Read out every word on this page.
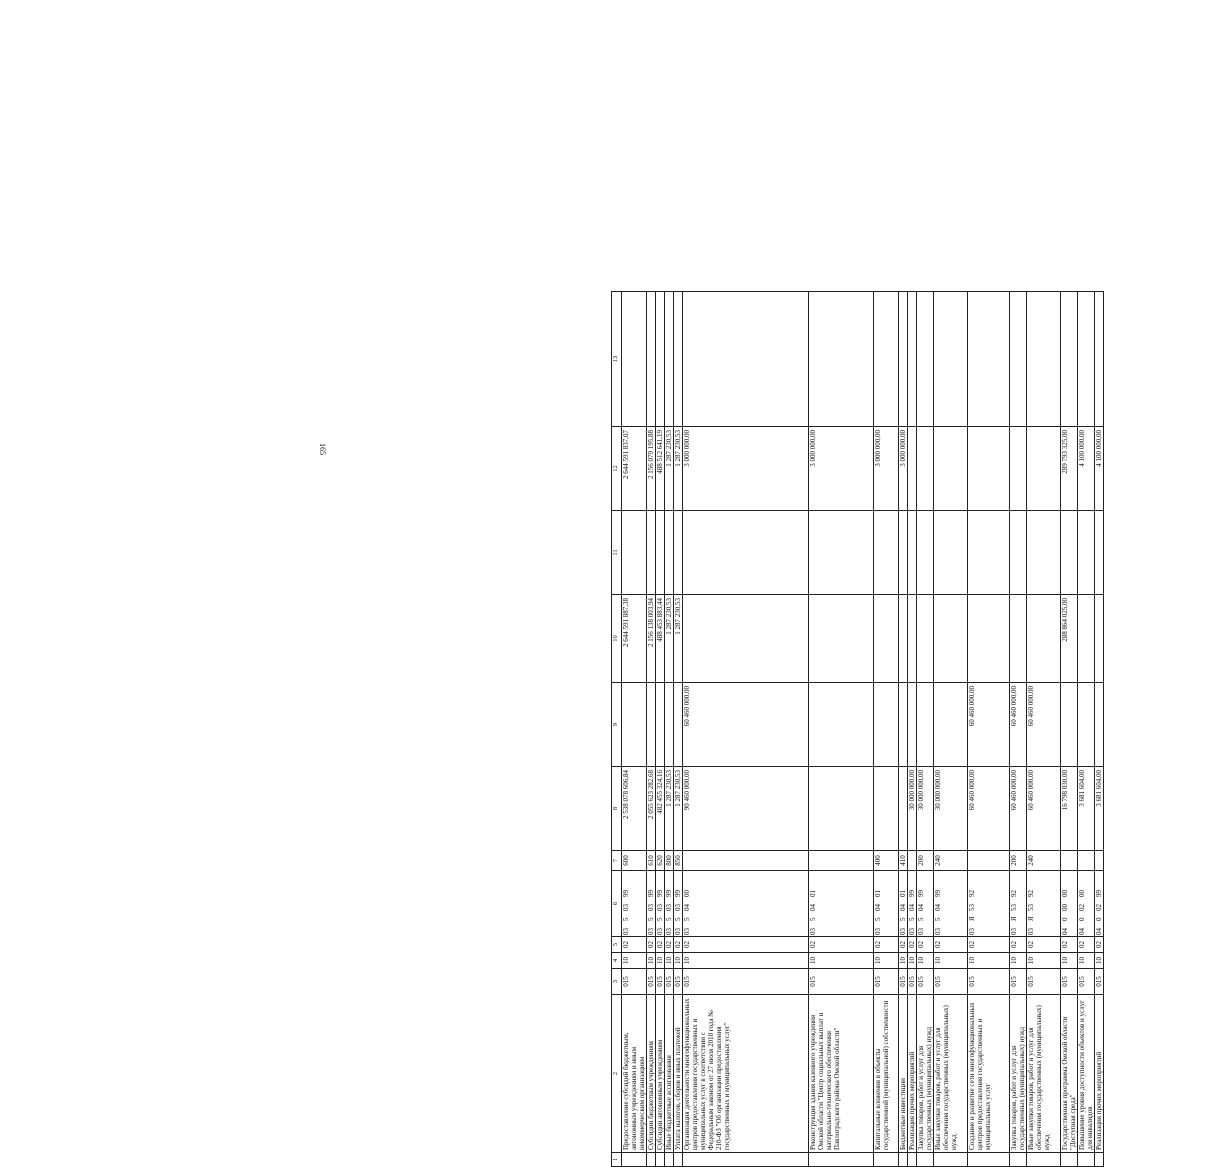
165
1	2	3	4	5	6	7	8	9	10	11	12	13
	Предоставление субсидий бюджетным, автономным учреждениям и иным некоммерческим организациям	015	10	02	0350399	600	2 538 078 606,84		2 644 591 887,38		2 644 591 837,07	
	Субсидии бюджетным учреждениям	015	10	02	0350399	610	2 055 623 282,68		2 156 138 003,94		2 156 079 195,88	
	Субсидии автономным учреждениям	015	10	02	0350399	620	482 455 324,16		488 453 883,44		488 512 641,19	
	Иные бюджетные ассигнования	015	10	02	0350399	800	1 287 230,53		1 287 230,53		1 287 230,53	
	Уплата налогов, сборов и иных платежей	015	10	02	0350399	850	1 287 230,53		1 287 230,53		1 287 230,53	
	Организация деятельности многофункциональных центров предоставления государственных и муниципальных услуг в соответствии с Федеральным законом от 27 июля 2010 года № 210-ФЗ "Об организации предоставления государственных и муниципальных услуг"	015	10	02	0350400		90 460 000,00	60 460 000,00			3 000 000,00	
	Реконструкция здания казенного учреждения Омской области "Центр социальных выплат и материально-технического обеспечения Павлоградского района Омской области"	015	10	02	0350401						3 000 000,00	
	Капитальные вложения в объекты государственной (муниципальной) собственности	015	10	02	0350401	400					3 000 000,00	
	Бюджетные инвестиции	015	10	02	0350401	410					3 000 000,00	
	Реализация прочих мероприятий	015	10	02	0350499		30 000 000,00					
	Закупка товаров, работ и услуг для государственных (муниципальных) нужд	015	10	02	0350499	200	30 000 000,00					
	Иные закупки товаров, работ и услуг для обеспечения государственных (муниципальных) нужд	015	10	02	0350499	240	30 000 000,00					
	Создание и развитие сети многофункциональных центров предоставления государственных и муниципальных услуг	015	10	02	03Я5392		60 460 000,00	60 460 000,00				
	Закупка товаров, работ и услуг для государственных (муниципальных) нужд	015	10	02	03Я5392	200	60 460 000,00	60 460 000,00				
	Иные закупки товаров, работ и услуг для обеспечения государственных (муниципальных) нужд	015	10	02	03Я5392	240	60 460 000,00	60 460 000,00				
	Государственная программа Омской области "Доступная среда"	015	10	02	0400000		16 798 030,00		288 864 025,00		289 793 325,00	
	Повышение уровня доступности объектов и услуг для инвалидов	015	10	02	0400200		3 681 604,00				4 100 000,00	
	Реализация прочих мероприятий	015	10	02	0400299		3 681 604,00				4 100 000,00	
